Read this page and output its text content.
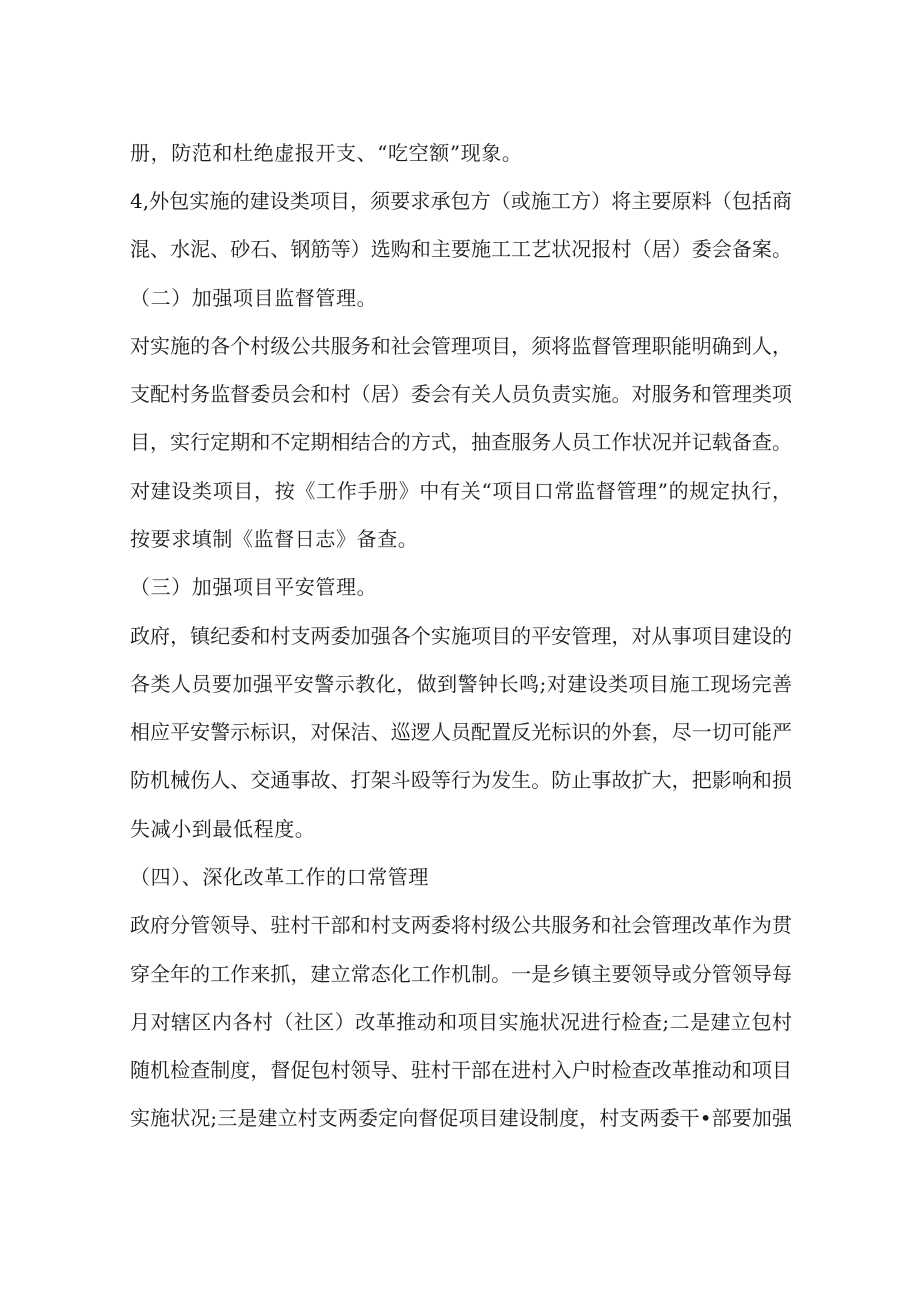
册，防范和杜绝虚报开支、“吃空额”现象。
4,外包实施的建设类项目，须要求承包方（或施工方）将主要原料（包括商
混、水泥、砂石、钢筋等）选购和主要施工工艺状况报村（居）委会备案。
（二）加强项目监督管理。
对实施的各个村级公共服务和社会管理项目，须将监督管理职能明确到人，
支配村务监督委员会和村（居）委会有关人员负责实施。对服务和管理类项
目，实行定期和不定期相结合的方式，抽查服务人员工作状况并记载备查。
对建设类项目，按《工作手册》中有关“项目口常监督管理”的规定执行，
按要求填制《监督日志》备查。
（三）加强项目平安管理。
政府，镇纪委和村支两委加强各个实施项目的平安管理，对从事项目建设的
各类人员要加强平安警示教化，做到警钟长鸣;对建设类项目施工现场完善
相应平安警示标识，对保洁、巡逻人员配置反光标识的外套，尽一切可能严
防机械伤人、交通事故、打架斗殴等行为发生。防止事故扩大，把影响和损
失减小到最低程度。
（四）、深化改革工作的口常管理
政府分管领导、驻村干部和村支两委将村级公共服务和社会管理改革作为贯
穿全年的工作来抓，建立常态化工作机制。一是乡镇主要领导或分管领导每
月对辖区内各村（社区）改革推动和项目实施状况进行检查;二是建立包村
随机检查制度，督促包村领导、驻村干部在进村入户时检查改革推动和项目
实施状况;三是建立村支两委定向督促项目建设制度，村支两委干•部要加强
